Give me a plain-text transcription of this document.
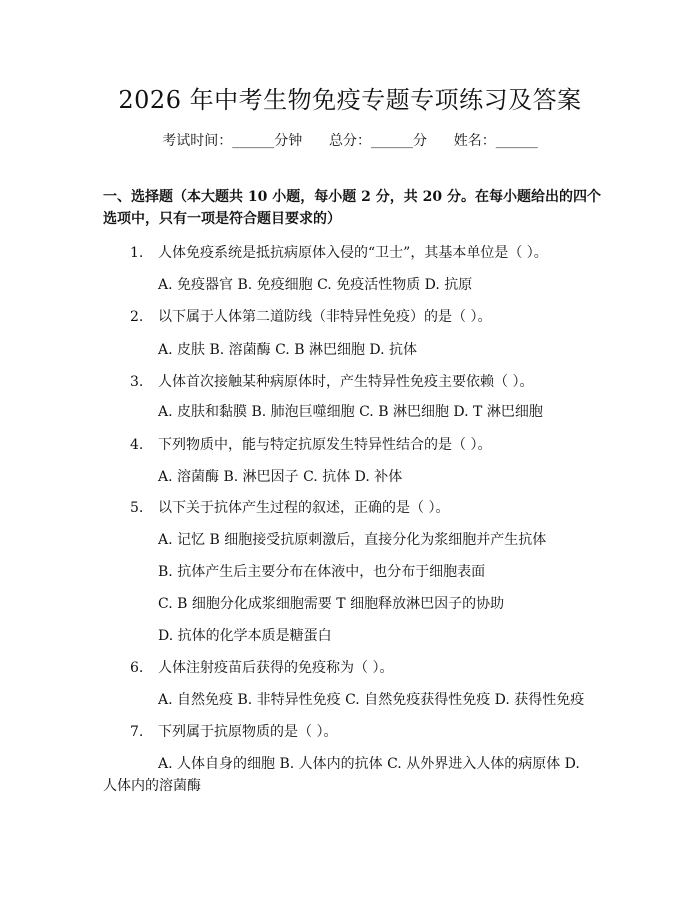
2026 年中考生物免疫专题专项练习及答案
考试时间：______分钟 总分：______分 姓名：______
一、选择题（本大题共 10 小题，每小题 2 分，共 20 分。在每小题给出的四个选项中，只有一项是符合题目要求的）
1. 人体免疫系统是抵抗病原体入侵的“卫士”，其基本单位是（ ）。
A. 免疫器官 B. 免疫细胞 C. 免疫活性物质 D. 抗原
2. 以下属于人体第二道防线（非特异性免疫）的是（ ）。
A. 皮肤 B. 溶菌酶 C. B 淋巴细胞 D. 抗体
3. 人体首次接触某种病原体时，产生特异性免疫主要依赖（ ）。
A. 皮肤和黏膜 B. 肺泡巨噬细胞 C. B 淋巴细胞 D. T 淋巴细胞
4. 下列物质中，能与特定抗原发生特异性结合的是（ ）。
A. 溶菌酶 B. 淋巴因子 C. 抗体 D. 补体
5. 以下关于抗体产生过程的叙述，正确的是（ ）。
A. 记忆 B 细胞接受抗原刺激后，直接分化为浆细胞并产生抗体
B. 抗体产生后主要分布在体液中，也分布于细胞表面
C. B 细胞分化成浆细胞需要 T 细胞释放淋巴因子的协助
D. 抗体的化学本质是糖蛋白
6. 人体注射疫苗后获得的免疫称为（ ）。
A. 自然免疫 B. 非特异性免疫 C. 自然免疫获得性免疫 D. 获得性免疫
7. 下列属于抗原物质的是（ ）。
A. 人体自身的细胞 B. 人体内的抗体 C. 从外界进入人体的病原体 D. 人体内的溶菌酶
